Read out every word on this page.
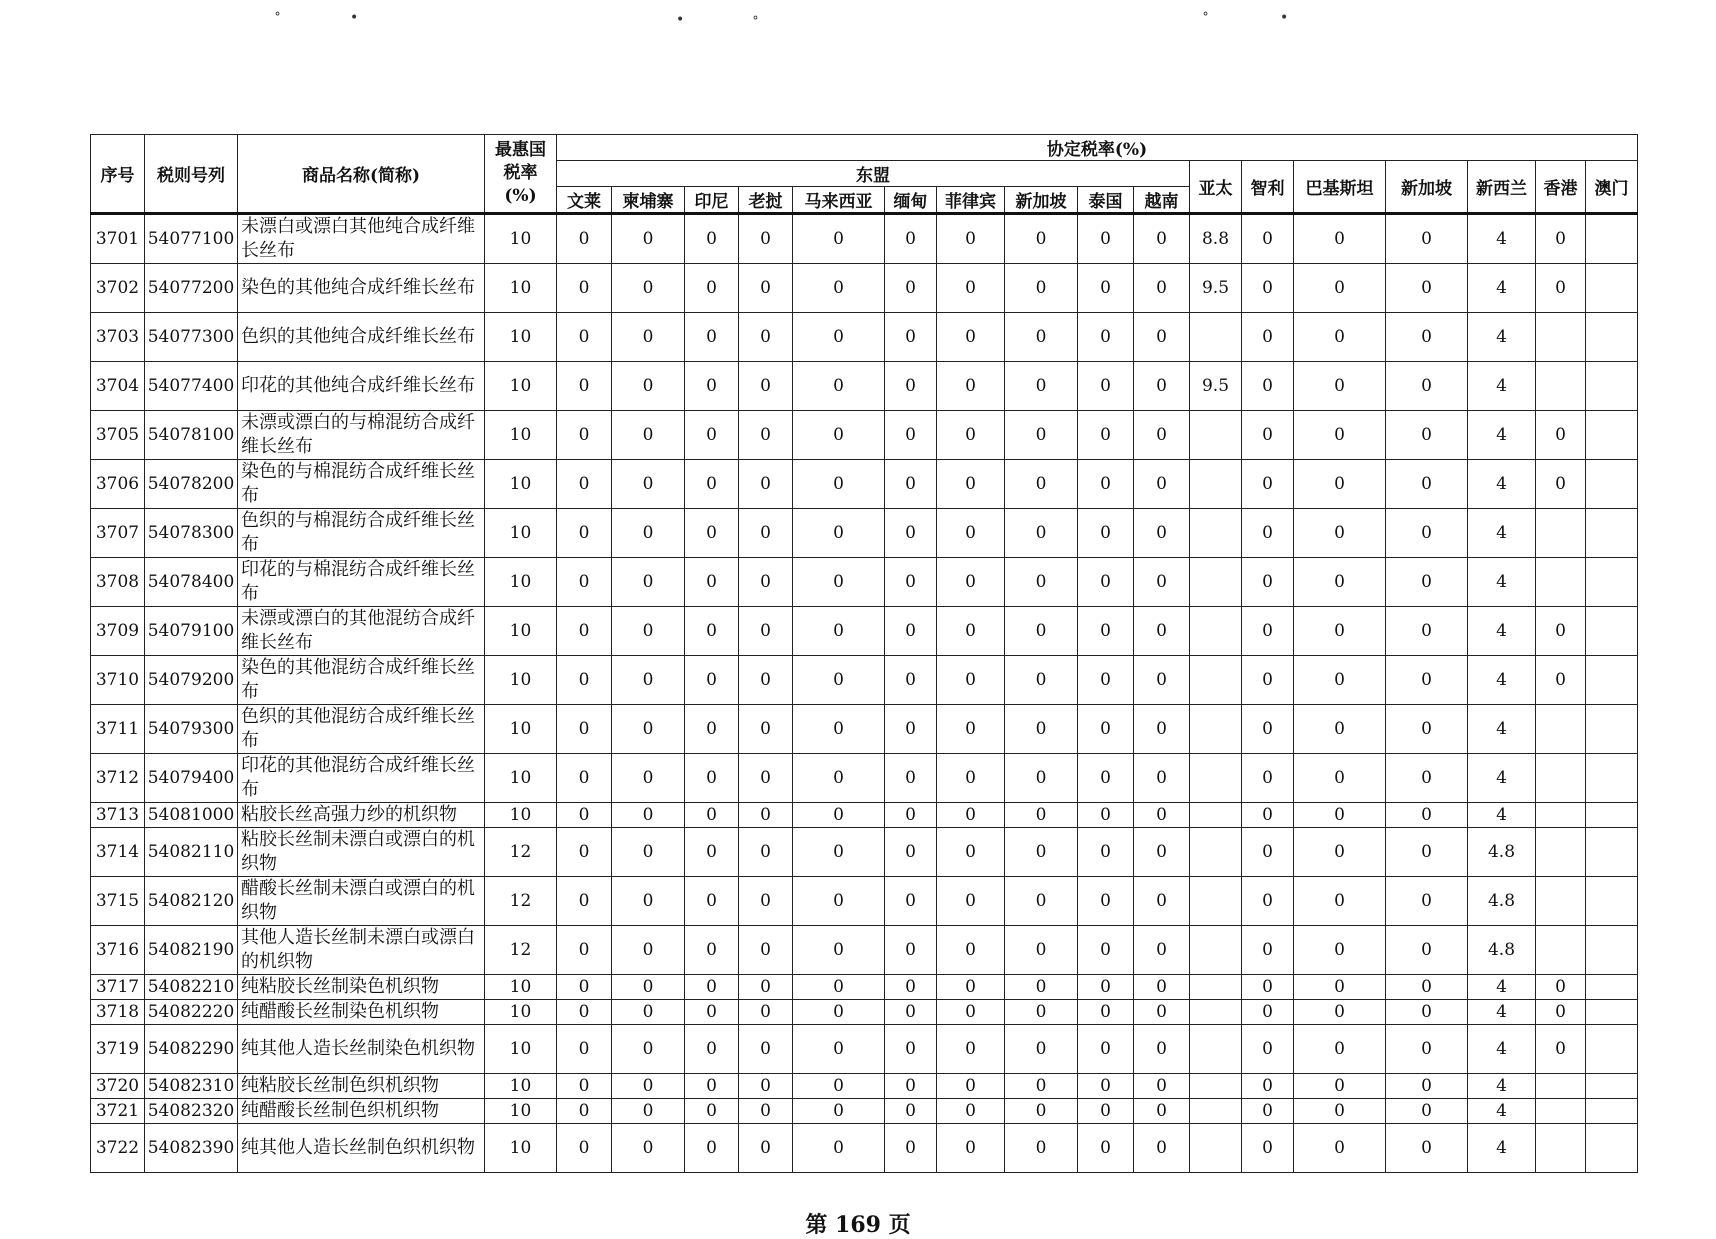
˚	•	•	˚	˚	•
序号	税则号列	商品名称(简称)	最惠国
税率
(%)	协定税率(%)																
				东盟										亚太	智利	巴基斯坦	新加坡	新西兰	香港	澳门
				文莱	柬埔寨	印尼	老挝	马来西亚	缅甸	菲律宾	新加坡	泰国	越南							
3701	54077100	未漂白或漂白其他纯合成纤维长丝布	10	0	0	0	0	0	0	0	0	0	0	8.8	0	0	0	4	0	
3702	54077200	染色的其他纯合成纤维长丝布	10	0	0	0	0	0	0	0	0	0	0	9.5	0	0	0	4	0	
3703	54077300	色织的其他纯合成纤维长丝布	10	0	0	0	0	0	0	0	0	0	0		0	0	0	4		
3704	54077400	印花的其他纯合成纤维长丝布	10	0	0	0	0	0	0	0	0	0	0	9.5	0	0	0	4		
3705	54078100	未漂或漂白的与棉混纺合成纤维长丝布	10	0	0	0	0	0	0	0	0	0	0		0	0	0	4	0	
3706	54078200	染色的与棉混纺合成纤维长丝布	10	0	0	0	0	0	0	0	0	0	0		0	0	0	4	0	
3707	54078300	色织的与棉混纺合成纤维长丝布	10	0	0	0	0	0	0	0	0	0	0		0	0	0	4		
3708	54078400	印花的与棉混纺合成纤维长丝布	10	0	0	0	0	0	0	0	0	0	0		0	0	0	4		
3709	54079100	未漂或漂白的其他混纺合成纤维长丝布	10	0	0	0	0	0	0	0	0	0	0		0	0	0	4	0	
3710	54079200	染色的其他混纺合成纤维长丝布	10	0	0	0	0	0	0	0	0	0	0		0	0	0	4	0	
3711	54079300	色织的其他混纺合成纤维长丝布	10	0	0	0	0	0	0	0	0	0	0		0	0	0	4		
3712	54079400	印花的其他混纺合成纤维长丝布	10	0	0	0	0	0	0	0	0	0	0		0	0	0	4		
3713	54081000	粘胶长丝高强力纱的机织物	10	0	0	0	0	0	0	0	0	0	0		0	0	0	4		
3714	54082110	粘胶长丝制未漂白或漂白的机织物	12	0	0	0	0	0	0	0	0	0	0		0	0	0	4.8		
3715	54082120	醋酸长丝制未漂白或漂白的机织物	12	0	0	0	0	0	0	0	0	0	0		0	0	0	4.8		
3716	54082190	其他人造长丝制未漂白或漂白的机织物	12	0	0	0	0	0	0	0	0	0	0		0	0	0	4.8		
3717	54082210	纯粘胶长丝制染色机织物	10	0	0	0	0	0	0	0	0	0	0		0	0	0	4	0	
3718	54082220	纯醋酸长丝制染色机织物	10	0	0	0	0	0	0	0	0	0	0		0	0	0	4	0	
3719	54082290	纯其他人造长丝制染色机织物	10	0	0	0	0	0	0	0	0	0	0		0	0	0	4	0	
3720	54082310	纯粘胶长丝制色织机织物	10	0	0	0	0	0	0	0	0	0	0		0	0	0	4		
3721	54082320	纯醋酸长丝制色织机织物	10	0	0	0	0	0	0	0	0	0	0		0	0	0	4		
3722	54082390	纯其他人造长丝制色织机织物	10	0	0	0	0	0	0	0	0	0	0		0	0	0	4		
第 169 页
